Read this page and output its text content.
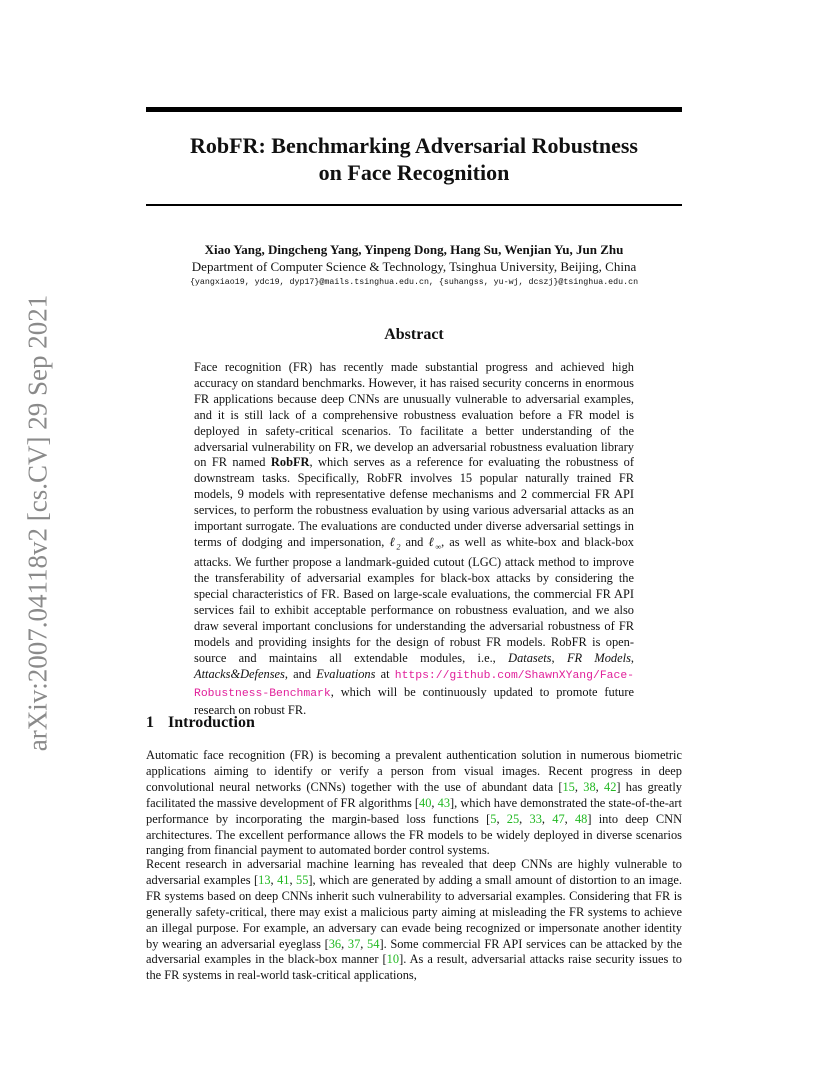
arXiv:2007.04118v2 [cs.CV] 29 Sep 2021
RobFR: Benchmarking Adversarial Robustness
on Face Recognition

Xiao Yang, Dingcheng Yang, Yinpeng Dong, Hang Su, Wenjian Yu, Jun Zhu

Department of Computer Science & Technology, Tsinghua University, Beijing, China

{yangxiao19, ydc19, dyp17}@mails.tsinghua.edu.cn, {suhangss, yu-wj, dcszj}@tsinghua.edu.cn

Abstract

Face recognition (FR) has recently made substantial progress and achieved high accuracy on standard benchmarks. However, it has raised security concerns in enormous FR applications because deep CNNs are unusually vulnerable to adversarial examples, and it is still lack of a comprehensive robustness evaluation before a FR model is deployed in safety-critical scenarios. To facilitate a better understanding of the adversarial vulnerability on FR, we develop an adversarial robustness evaluation library on FR named RobFR, which serves as a reference for evaluating the robustness of downstream tasks. Specifically, RobFR involves 15 popular naturally trained FR models, 9 models with representative defense mechanisms and 2 commercial FR API services, to perform the robustness evaluation by using various adversarial attacks as an important surrogate. The evaluations are conducted under diverse adversarial settings in terms of dodging and impersonation, ℓ$_2$ and ℓ$_\infty$, as well as white-box and black-box attacks. We further propose a landmark-guided cutout (LGC) attack method to improve the transferability of adversarial examples for black-box attacks by considering the special characteristics of FR. Based on large-scale evaluations, the commercial FR API services fail to exhibit acceptable performance on robustness evaluation, and we also draw several important conclusions for understanding the adversarial robustness of FR models and providing insights for the design of robust FR models. RobFR is open-source and maintains all extendable modules, i.e., Datasets, FR Models, Attacks&Defenses, and Evaluations at https://github.com/ShawnXYang/Face-Robustness-Benchmark, which will be continuously updated to promote future research on robust FR.

1 Introduction

Automatic face recognition (FR) is becoming a prevalent authentication solution in numerous biometric applications aiming to identify or verify a person from visual images. Recent progress in deep convolutional neural networks (CNNs) together with the use of abundant data [15, 38, 42] has greatly facilitated the massive development of FR algorithms [40, 43], which have demonstrated the state-of-the-art performance by incorporating the margin-based loss functions [5, 25, 33, 47, 48] into deep CNN architectures. The excellent performance allows the FR models to be widely deployed in diverse scenarios ranging from financial payment to automated border control systems.

Recent research in adversarial machine learning has revealed that deep CNNs are highly vulnerable to adversarial examples [13, 41, 55], which are generated by adding a small amount of distortion to an image. FR systems based on deep CNNs inherit such vulnerability to adversarial examples. Considering that FR is generally safety-critical, there may exist a malicious party aiming at misleading the FR systems to achieve an illegal purpose. For example, an adversary can evade being recognized or impersonate another identity by wearing an adversarial eyeglass [36, 37, 54]. Some commercial FR API services can be attacked by the adversarial examples in the black-box manner [10]. As a result, adversarial attacks raise security issues to the FR systems in real-world task-critical applications,
